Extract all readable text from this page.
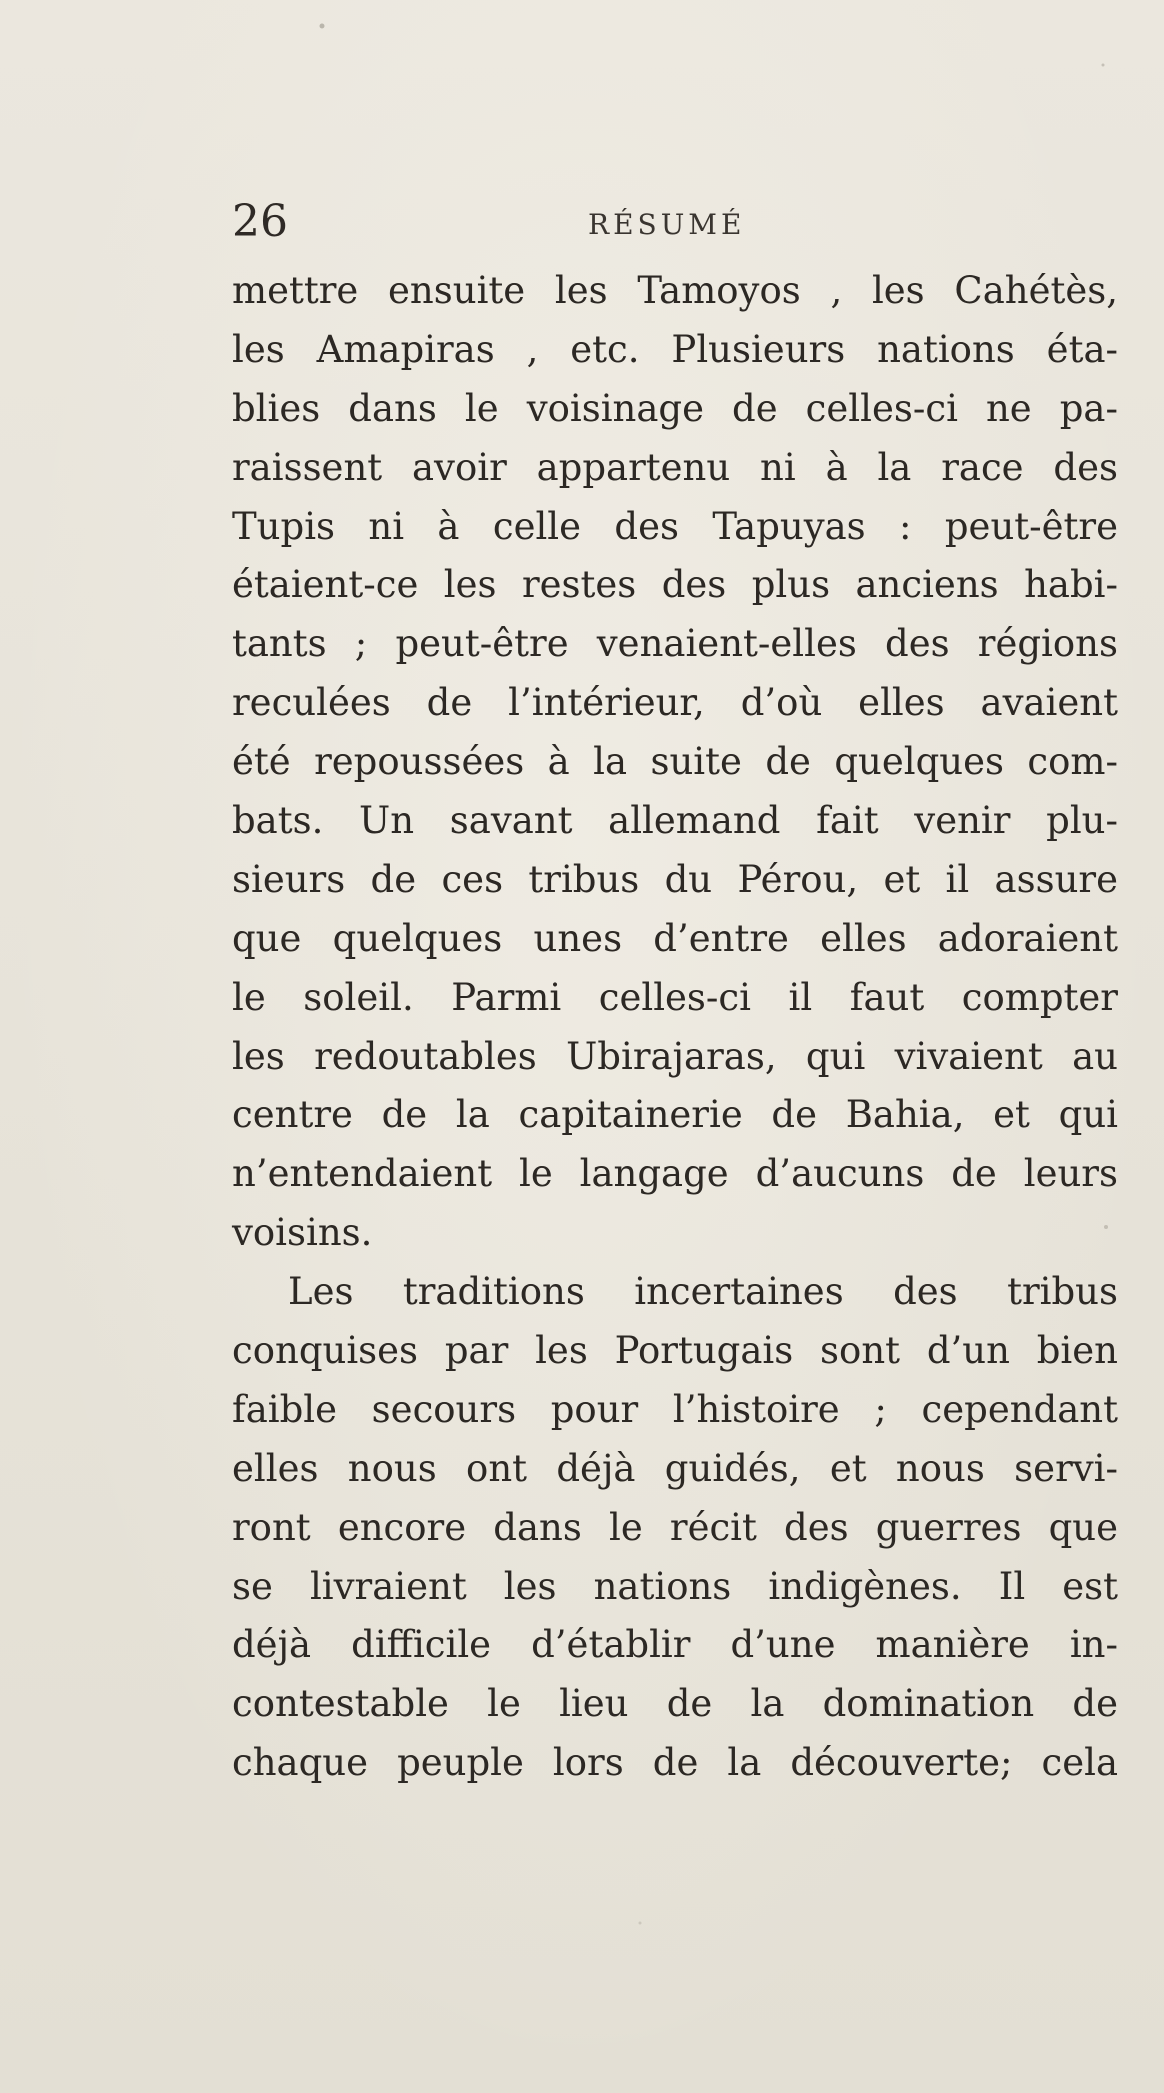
26	RÉSUMÉ
mettre ensuite les Tamoyos , les Cahétès,
les Amapiras , etc. Plusieurs nations éta-
blies dans le voisinage de celles-ci ne pa-
raissent avoir appartenu ni à la race des
Tupis ni à celle des Tapuyas : peut-être
étaient-ce les restes des plus anciens habi-
tants ; peut-être venaient-elles des régions
reculées de l’intérieur, d’où elles avaient
été repoussées à la suite de quelques com-
bats. Un savant allemand fait venir plu-
sieurs de ces tribus du Pérou, et il assure
que quelques unes d’entre elles adoraient
le soleil. Parmi celles-ci il faut compter
les redoutables Ubirajaras, qui vivaient au
centre de la capitainerie de Bahia, et qui
n’entendaient le langage d’aucuns de leurs
voisins.
Les traditions incertaines des tribus
conquises par les Portugais sont d’un bien
faible secours pour l’histoire ; cependant
elles nous ont déjà guidés, et nous servi-
ront encore dans le récit des guerres que
se livraient les nations indigènes. Il est
déjà difficile d’établir d’une manière in-
contestable le lieu de la domination de
chaque peuple lors de la découverte; cela
